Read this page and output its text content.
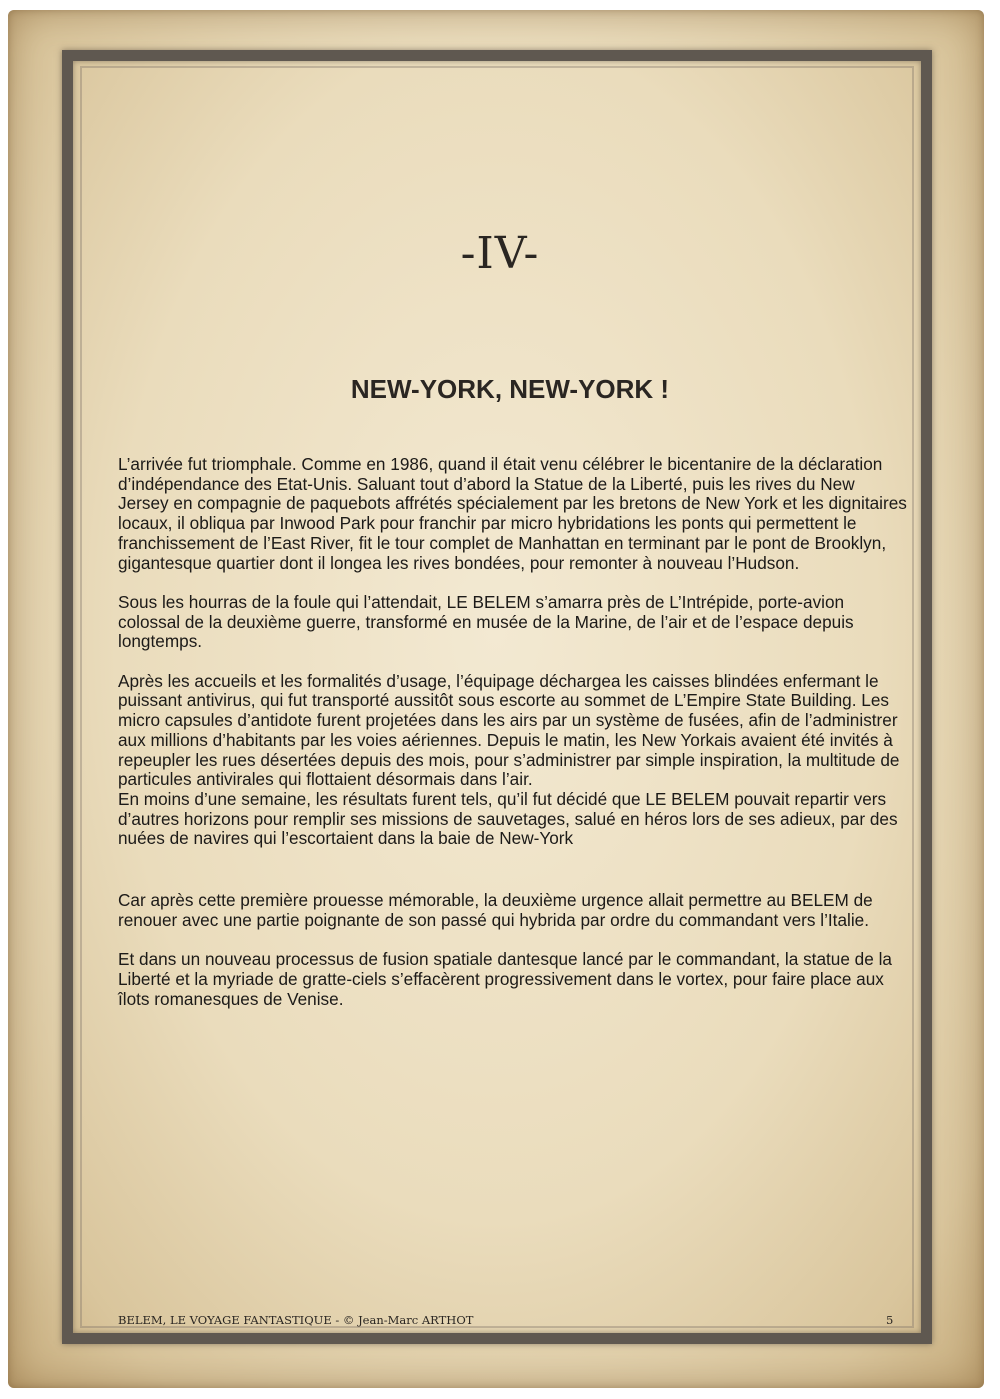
-IV-
NEW-YORK, NEW-YORK !

L’arrivée fut triomphale. Comme en 1986, quand il était venu célébrer le bicentanire de la déclaration d’indépendance des Etat-Unis. Saluant tout d’abord la Statue de la Liberté, puis les rives du New Jersey en compagnie de paquebots affrétés spécialement par les bretons de New York et les dignitaires locaux, il obliqua par Inwood Park pour franchir par micro hybridations les ponts qui permettent le franchissement de l’East River, fit le tour complet de Manhattan en terminant par le pont de Brooklyn, gigantesque quartier dont il longea les rives bondées, pour remonter à nouveau l’Hudson.

Sous les hourras de la foule qui l’attendait, LE BELEM s’amarra près de L’Intrépide, porte-avion colossal de la deuxième guerre, transformé en musée de la Marine, de l’air et de l’espace depuis longtemps.

Après les accueils et les formalités d’usage, l’équipage déchargea les caisses blindées enfermant le puissant antivirus, qui fut transporté aussitôt sous escorte au sommet de L’Empire State Building. Les micro capsules d’antidote furent projetées dans les airs par un système de fusées, afin de l’administrer aux millions d’habitants par les voies aériennes. Depuis le matin, les New Yorkais avaient été invités à repeupler les rues désertées depuis des mois, pour s’administrer par simple inspiration, la multitude de particules antivirales qui flottaient désormais dans l’air.

En moins d’une semaine, les résultats furent tels, qu’il fut décidé que LE BELEM pouvait repartir vers d’autres horizons pour remplir ses missions de sauvetages, salué en héros lors de ses adieux, par des nuées de navires qui l’escortaient dans la baie de New-York

Car après cette première prouesse mémorable, la deuxième urgence allait permettre au BELEM de renouer avec une partie poignante de son passé qui hybrida par ordre du commandant vers l’Italie.

Et dans un nouveau processus de fusion spatiale dantesque lancé par le commandant, la statue de la Liberté et la myriade de gratte-ciels s’effacèrent progressivement dans le vortex, pour faire place aux îlots romanesques de Venise.

BELEM, LE VOYAGE FANTASTIQUE - © Jean-Marc ARTHOT	5
